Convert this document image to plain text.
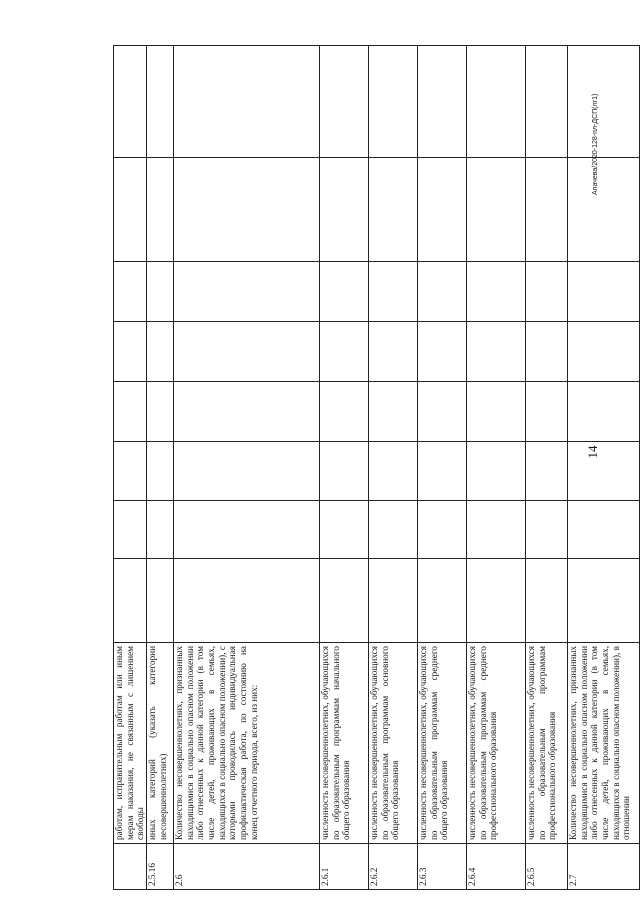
14
Апачева/2020-128-пл-ДСП(лг1)
	работам, исправительным работам или иным мерам наказания, не связанным с лишением свободы								
2.5.16	иных категорий (указать категории несовершеннолетних)								
2.6	Количество несовершеннолетних, признанных находящимися в социально опасном положении либо отнесенных к данной категории (в том числе детей, проживающих в семьях, находящихся в социально опасном положении), с которыми проводилась индивидуальная профилактическая работа, по состоянию на конец отчетного периода, всего, из них:								
2.6.1	численность несовершеннолетних, обучающихся по образовательным программам начального общего образования								
2.6.2	численность несовершеннолетних, обучающихся по образовательным программам основного общего образования								
2.6.3	численность несовершеннолетних, обучающихся по образовательным программам среднего общего образования								
2.6.4	численность несовершеннолетних, обучающихся по образовательным программам среднего профессионального образования								
2.6.5	численность несовершеннолетних, обучающихся по образовательным программам профессионального образования								
2.7	Количество несовершеннолетних, признанных находящимися в социально опасном положении либо отнесенных к данной категории (в том числе детей, проживающих в семьях, находящихся в социально опасном положении), в отношении								
